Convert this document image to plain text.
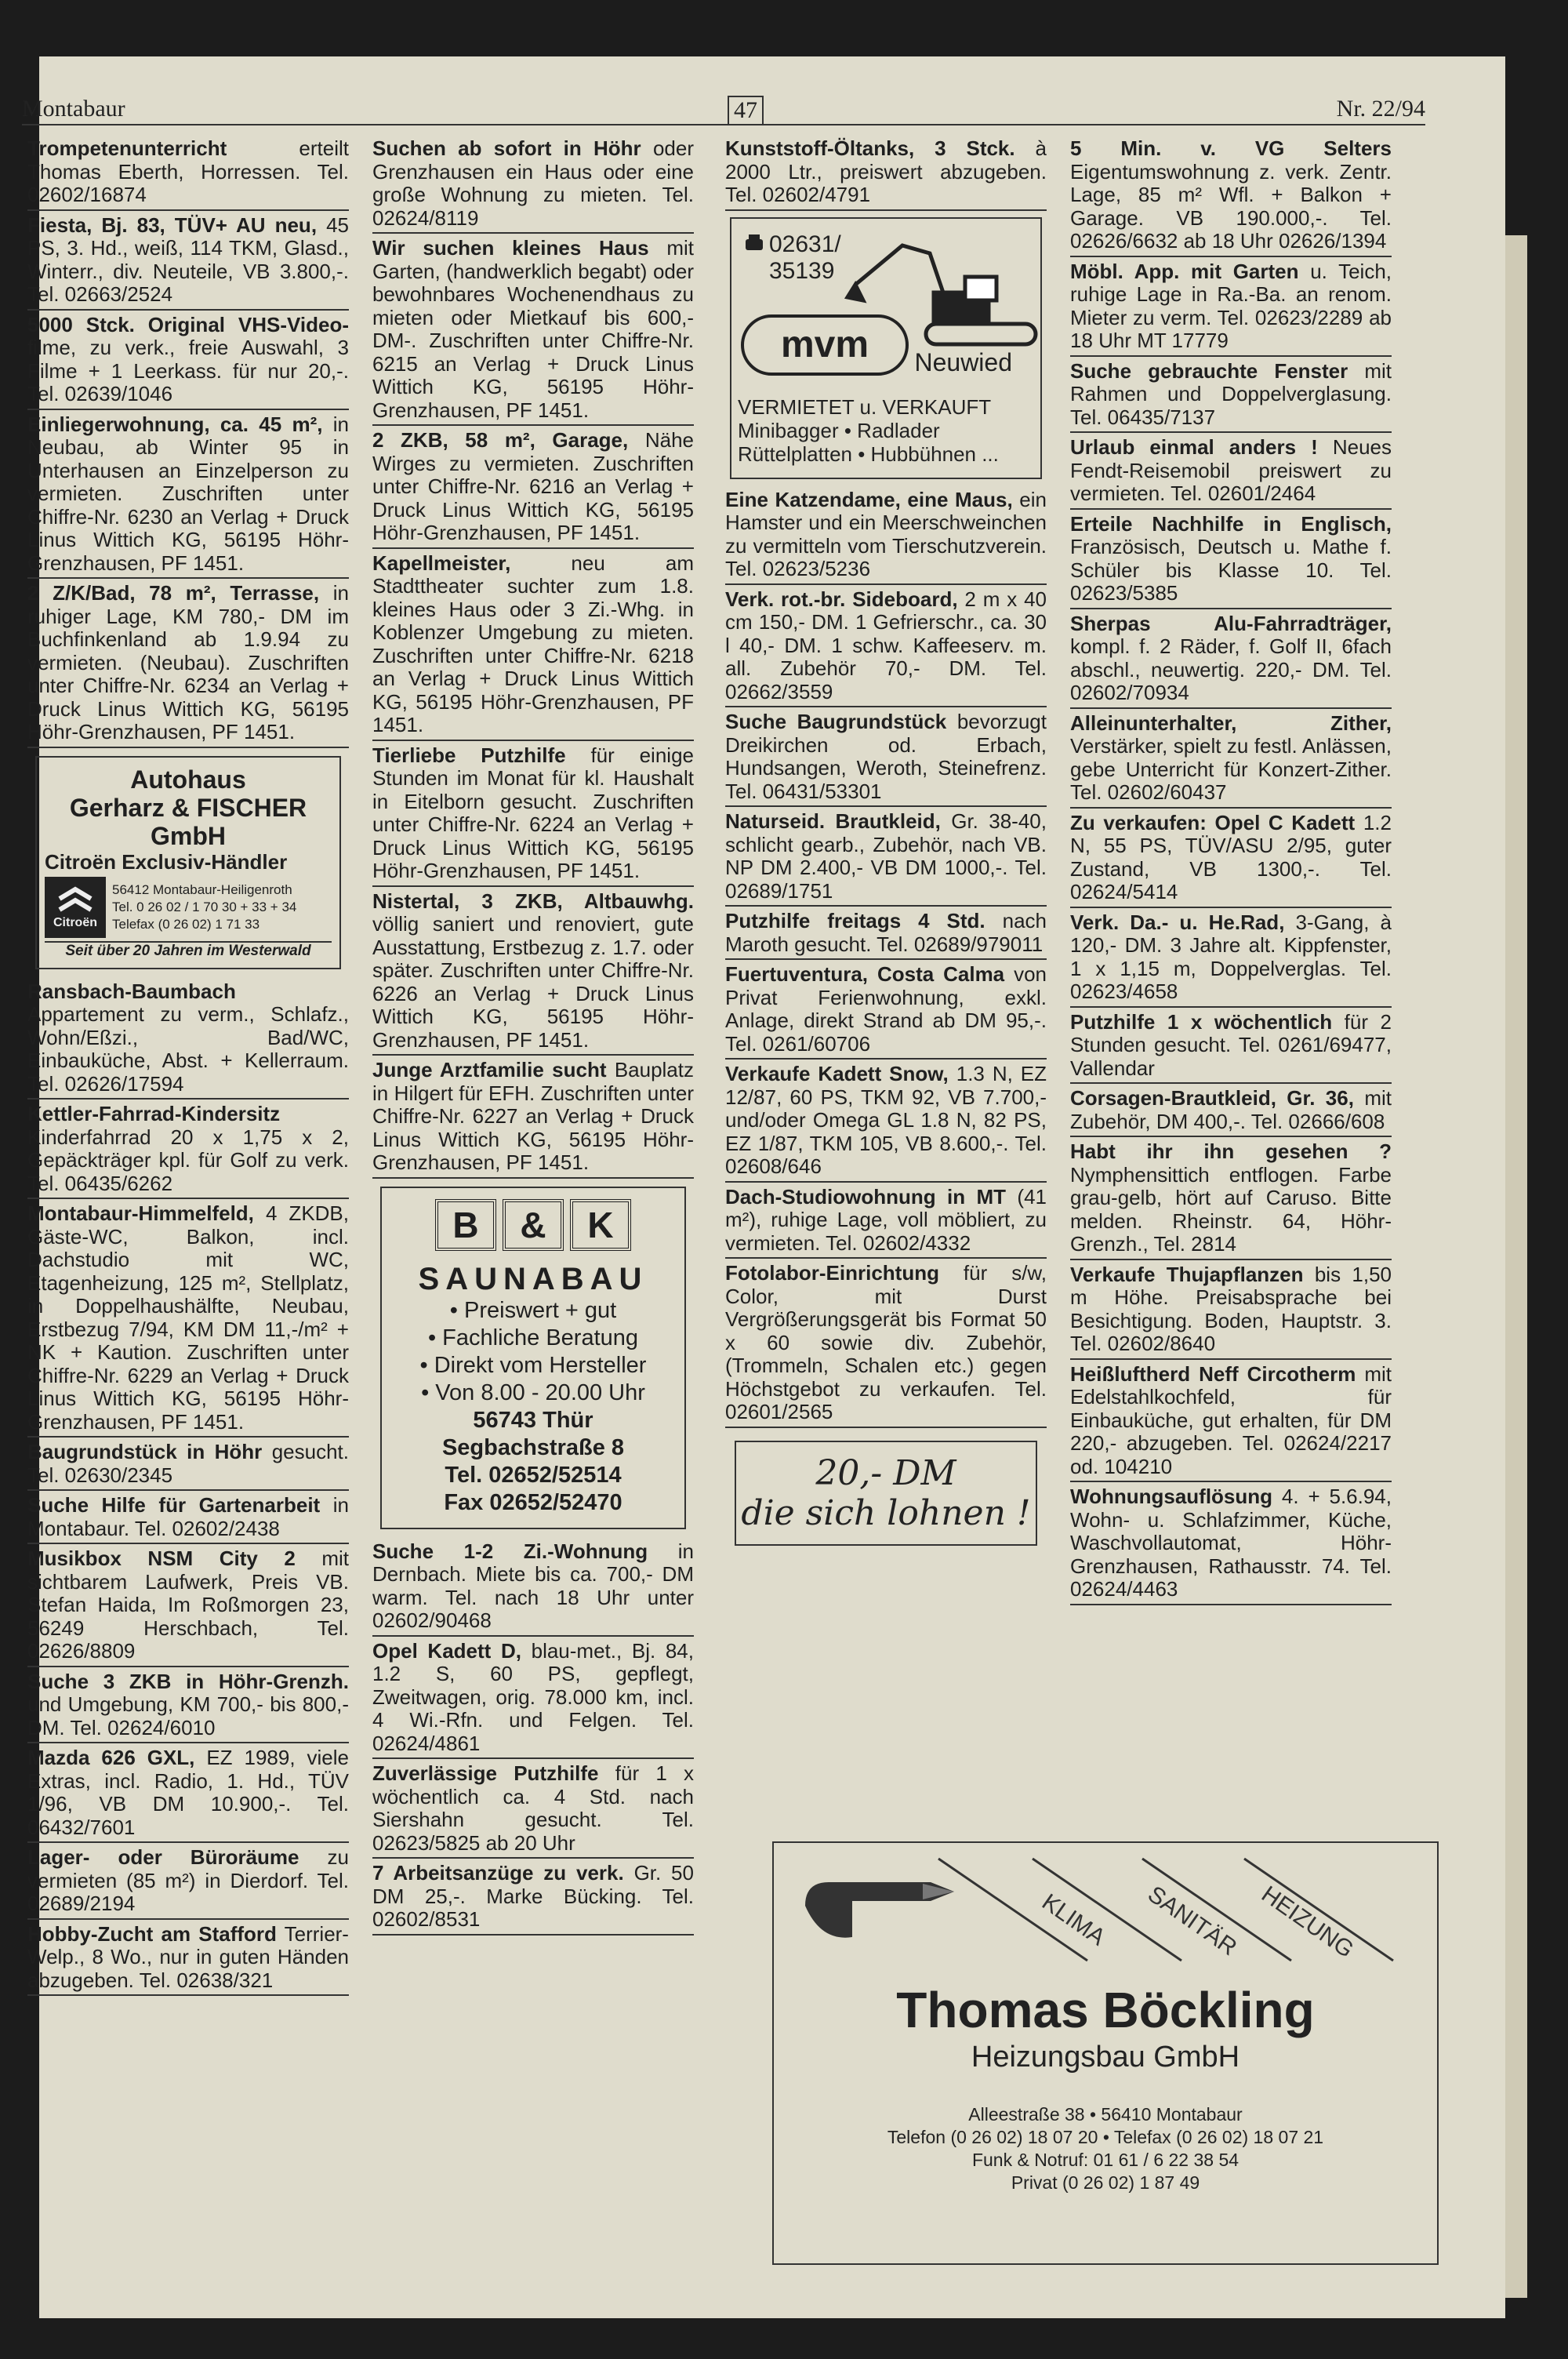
Montabaur	47	Nr. 22/94
Trompetenunterricht	erteilt Thomas Eberth, Horressen. Tel. 02602/16874
Fiesta, Bj. 83, TÜV+ AU neu, 45 PS, 3. Hd., weiß, 114 TKM, Glasd., Winterr., div. Neuteile, VB 3.800,-. Tel. 02663/2524
5000 Stck. Original VHS-Video- filme, zu verk., freie Auswahl, 3 Filme + 1 Leerkass. für nur 20,-. Tel. 02639/1046
Einliegerwohnung, ca. 45 m², in Neubau, ab Winter 95 in Unterhausen an Einzelperson zu vermieten. Zuschriften unter Chiffre-Nr. 6230 an Verlag + Druck Linus Wittich KG, 56195 Höhr-Grenzhausen, PF 1451.
2 Z/K/Bad, 78 m², Terrasse, in ruhiger Lage, KM 780,- DM im Buchfinkenland ab 1.9.94 zu vermieten. (Neubau). Zuschriften unter Chiffre-Nr. 6234 an Verlag + Druck Linus Wittich KG, 56195 Höhr-Grenzhausen, PF 1451.
Autohaus
Gerharz & FISCHER GmbH
Citroën Exclusiv-Händler
Citroën
56412 Montabaur-Heiligenroth
Tel. 0 26 02 / 1 70 30 + 33 + 34
Telefax (0 26 02) 1 71 33
Seit über 20 Jahren im Westerwald
Ransbach-Baumbach Appartement zu verm., Schlafz., Wohn/Eßzi., Bad/WC, Einbauküche, Abst. + Kellerraum. Tel. 02626/17594
Kettler-Fahrrad-Kindersitz Kinderfahrrad 20 x 1,75 x 2, Gepäckträger kpl. für Golf zu verk. Tel. 06435/6262
Montabaur-Himmelfeld, 4 ZKDB, Gäste-WC, Balkon, incl. Dachstudio mit WC, Etagenheizung, 125 m², Stellplatz, in Doppelhaushälfte, Neubau, Erstbezug 7/94, KM DM 11,-/m² + NK + Kaution. Zuschriften unter Chiffre-Nr. 6229 an Verlag + Druck Linus Wittich KG, 56195 Höhr-Grenzhausen, PF 1451.
Baugrundstück in Höhr gesucht. Tel. 02630/2345
Suche Hilfe für Gartenarbeit in Montabaur. Tel. 02602/2438
Musikbox NSM City 2 mit sichtbarem Laufwerk, Preis VB. Stefan Haida, Im Roßmorgen 23, 56249 Herschbach, Tel. 02626/8809
Suche 3 ZKB in Höhr-Grenzh. und Umgebung, KM 700,- bis 800,- DM. Tel. 02624/6010
Mazda 626 GXL, EZ 1989, viele Extras, incl. Radio, 1. Hd., TÜV 1/96, VB DM 10.900,-. Tel. 06432/7601
Lager- oder Büroräume zu vermieten (85 m²) in Dierdorf. Tel. 02689/2194
Hobby-Zucht am Stafford Terrier-Welp., 8 Wo., nur in guten Händen abzugeben. Tel. 02638/321
Suchen ab sofort in Höhr oder Grenzhausen ein Haus oder eine große Wohnung zu mieten. Tel. 02624/8119
Wir suchen kleines Haus mit Garten, (handwerklich begabt) oder bewohnbares Wochenendhaus zu mieten oder Mietkauf bis 600,- DM-. Zuschriften unter Chiffre-Nr. 6215 an Verlag + Druck Linus Wittich KG, 56195 Höhr-Grenzhausen, PF 1451.
2 ZKB, 58 m², Garage, Nähe Wirges zu vermieten. Zuschriften unter Chiffre-Nr. 6216 an Verlag + Druck Linus Wittich KG, 56195 Höhr-Grenzhausen, PF 1451.
Kapellmeister,	neu am Stadttheater suchter zum 1.8. kleines Haus oder 3 Zi.-Whg. in Koblenzer Umgebung zu mieten. Zuschriften unter Chiffre-Nr. 6218 an Verlag + Druck Linus Wittich KG, 56195 Höhr-Grenzhausen, PF 1451.
Tierliebe Putzhilfe für einige Stunden im Monat für kl. Haushalt in Eitelborn gesucht. Zuschriften unter Chiffre-Nr. 6224 an Verlag + Druck Linus Wittich KG, 56195 Höhr-Grenzhausen, PF 1451.
Nistertal, 3 ZKB, Altbauwhg. völlig saniert und renoviert, gute Ausstattung, Erstbezug z. 1.7. oder später. Zuschriften unter Chiffre-Nr. 6226 an Verlag + Druck Linus Wittich KG, 56195 Höhr-Grenzhausen, PF 1451.
Junge Arztfamilie sucht Bauplatz in Hilgert für EFH. Zuschriften unter Chiffre-Nr. 6227 an Verlag + Druck Linus Wittich KG, 56195 Höhr-Grenzhausen, PF 1451.
B	&	K
SAUNABAU
• Preiswert + gut
• Fachliche Beratung
• Direkt vom Hersteller
• Von 8.00 - 20.00 Uhr
56743 Thür
Segbachstraße 8
Tel. 02652/52514
Fax 02652/52470
Suche 1-2 Zi.-Wohnung in Dernbach. Miete bis ca. 700,- DM warm. Tel. nach 18 Uhr unter 02602/90468
Opel Kadett D, blau-met., Bj. 84, 1.2 S, 60 PS, gepflegt, Zweitwagen, orig. 78.000 km, incl. 4 Wi.-Rfn. und Felgen. Tel. 02624/4861
Zuverlässige Putzhilfe für 1 x wöchentlich ca. 4 Std. nach Siershahn gesucht. Tel. 02623/5825 ab 20 Uhr
7 Arbeitsanzüge zu verk. Gr. 50 DM 25,-. Marke Bücking. Tel. 02602/8531
Kunststoff-Öltanks, 3 Stck. à 2000 Ltr., preiswert abzugeben. Tel. 02602/4791
02631/
35139
mvm Neuwied
VERMIETET u. VERKAUFT
Minibagger • Radlader
Rüttelplatten • Hubbühnen ...
Eine Katzendame, eine Maus, ein Hamster und ein Meerschweinchen zu vermitteln vom Tierschutzverein. Tel. 02623/5236
Verk. rot.-br. Sideboard, 2 m x 40 cm 150,- DM. 1 Gefrierschr., ca. 30 l 40,- DM. 1 schw. Kaffeeserv. m. all. Zubehör 70,- DM. Tel. 02662/3559
Suche Baugrundstück bevorzugt Dreikirchen od. Erbach, Hundsangen, Weroth, Steinefrenz. Tel. 06431/53301
Naturseid. Brautkleid, Gr. 38-40, schlicht gearb., Zubehör, nach VB. NP DM 2.400,- VB DM 1000,-. Tel. 02689/1751
Putzhilfe freitags 4 Std. nach Maroth gesucht. Tel. 02689/979011
Fuertuventura, Costa Calma von Privat Ferienwohnung, exkl. Anlage, direkt Strand ab DM 95,-. Tel. 0261/60706
Verkaufe Kadett Snow, 1.3 N, EZ 12/87, 60 PS, TKM 92, VB 7.700,- und/oder Omega GL 1.8 N, 82 PS, EZ 1/87, TKM 105, VB 8.600,-. Tel. 02608/646
Dach-Studiowohnung in MT (41 m²), ruhige Lage, voll möbliert, zu vermieten. Tel. 02602/4332
Fotolabor-Einrichtung für s/w, Color, mit Durst Vergrößerungsgerät bis Format 50 x 60 sowie div. Zubehör, (Trommeln, Schalen etc.) gegen Höchstgebot zu verkaufen. Tel. 02601/2565
20,- DM
die sich lohnen !
5 Min. v. VG Selters Eigentumswohnung z. verk. Zentr. Lage, 85 m² Wfl. + Balkon + Garage. VB 190.000,-. Tel. 02626/6632 ab 18 Uhr 02626/1394
Möbl. App. mit Garten u. Teich, ruhige Lage in Ra.-Ba. an renom. Mieter zu verm. Tel. 02623/2289 ab 18 Uhr MT 17779
Suche gebrauchte Fenster mit Rahmen und Doppelverglasung. Tel. 06435/7137
Urlaub einmal anders ! Neues Fendt-Reisemobil preiswert zu vermieten. Tel. 02601/2464
Erteile Nachhilfe in Englisch, Französisch, Deutsch u. Mathe f. Schüler bis Klasse 10. Tel. 02623/5385
Sherpas Alu-Fahrradträger, kompl. f. 2 Räder, f. Golf II, 6fach abschl., neuwertig. 220,- DM. Tel. 02602/70934
Alleinunterhalter, Zither, Verstärker, spielt zu festl. Anlässen, gebe Unterricht für Konzert-Zither. Tel. 02602/60437
Zu verkaufen: Opel C Kadett 1.2 N, 55 PS, TÜV/ASU 2/95, guter Zustand, VB 1300,-. Tel. 02624/5414
Verk. Da.- u. He.Rad, 3-Gang, à 120,- DM. 3 Jahre alt. Kippfenster, 1 x 1,15 m, Doppelverglas. Tel. 02623/4658
Putzhilfe 1 x wöchentlich für 2 Stunden gesucht. Tel. 0261/69477, Vallendar
Corsagen-Brautkleid, Gr. 36, mit Zubehör, DM 400,-. Tel. 02666/608
Habt ihr ihn gesehen ? Nymphensittich entflogen. Farbe grau-gelb, hört auf Caruso. Bitte melden. Rheinstr. 64, Höhr-Grenzh., Tel. 2814
Verkaufe Thujapflanzen bis 1,50 m Höhe. Preisabsprache bei Besichtigung. Boden, Hauptstr. 3. Tel. 02602/8640
Heißluftherd Neff Circotherm mit Edelstahlkochfeld, für Einbauküche, gut erhalten, für DM 220,- abzugeben. Tel. 02624/2217 od. 104210
Wohnungsauflösung 4. + 5.6.94, Wohn- u. Schlafzimmer, Küche, Waschvollautomat, Höhr-Grenzhausen, Rathausstr. 74. Tel. 02624/4463
KLIMA SANITÄR HEIZUNG
Thomas Böckling
Heizungsbau GmbH
Alleestraße 38 • 56410 Montabaur
Telefon (0 26 02) 18 07 20 • Telefax (0 26 02) 18 07 21
Funk & Notruf: 01 61 / 6 22 38 54
Privat (0 26 02) 1 87 49
